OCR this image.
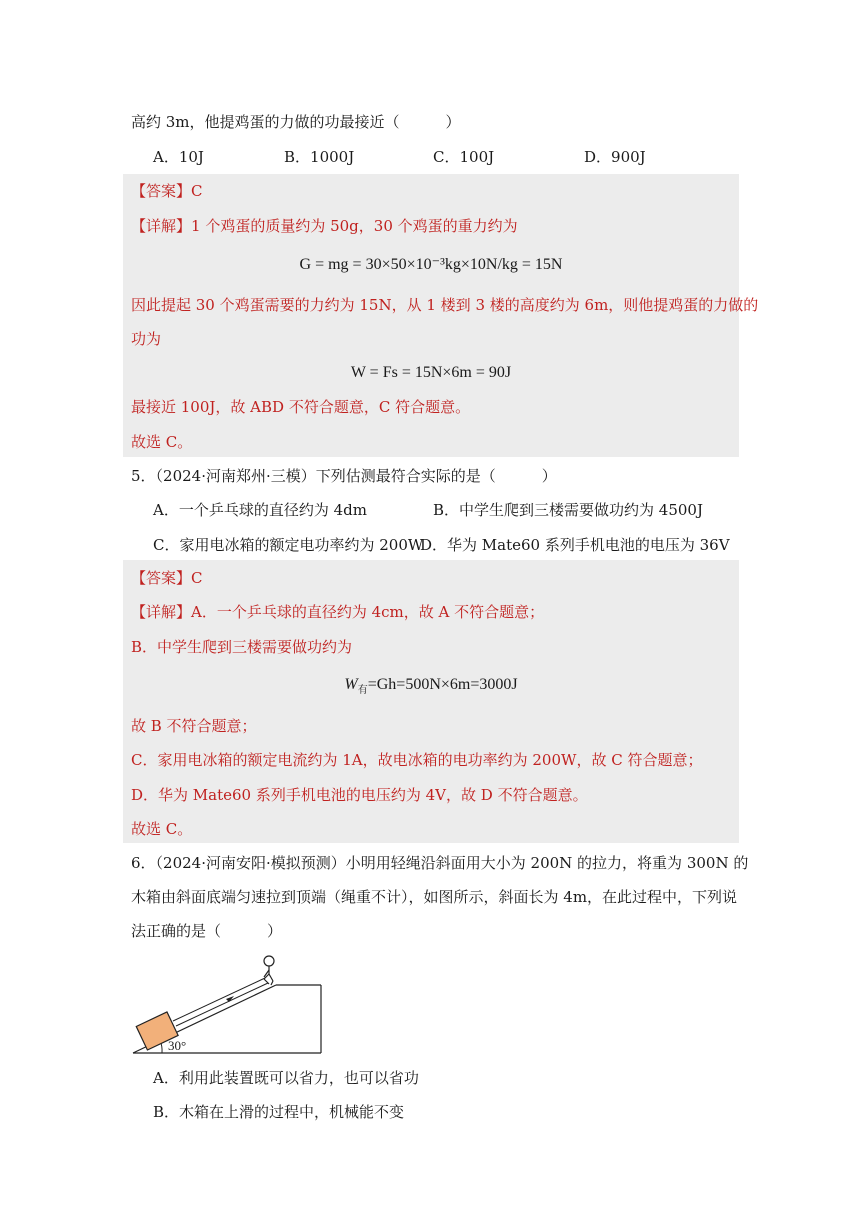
高约 3m，他提鸡蛋的力做的功最接近（	）
A．10J	B．1000J	C．100J	D．900J
【答案】C
【详解】1 个鸡蛋的质量约为 50g，30 个鸡蛋的重力约为
G = mg = 30×50×10⁻³kg×10N/kg = 15N
因此提起 30 个鸡蛋需要的力约为 15N，从 1 楼到 3 楼的高度约为 6m，则他提鸡蛋的力做的
功为
W = Fs = 15N×6m = 90J
最接近 100J，故 ABD 不符合题意，C 符合题意。
故选 C。
5．（2024·河南郑州·三模）下列估测最符合实际的是（	）
A．一个乒乓球的直径约为 4dm	B．中学生爬到三楼需要做功约为 4500J
C．家用电冰箱的额定电功率约为 200W
D．华为 Mate60 系列手机电池的电压为 36V
【答案】C
【详解】A．一个乒乓球的直径约为 4cm，故 A 不符合题意；
B．中学生爬到三楼需要做功约为
$W_有=Gh=500N\times 6m=3000J$
故 B 不符合题意；
C．家用电冰箱的额定电流约为 1A，故电冰箱的电功率约为 200W，故 C 符合题意；
D．华为 Mate60 系列手机电池的电压约为 4V，故 D 不符合题意。
故选 C。
6．（2024·河南安阳·模拟预测）小明用轻绳沿斜面用大小为 200N 的拉力，将重为 300N 的
木箱由斜面底端匀速拉到顶端（绳重不计），如图所示，斜面长为 4m，在此过程中，下列说
法正确的是（	）
30°
A．利用此装置既可以省力，也可以省功
B．木箱在上滑的过程中，机械能不变
